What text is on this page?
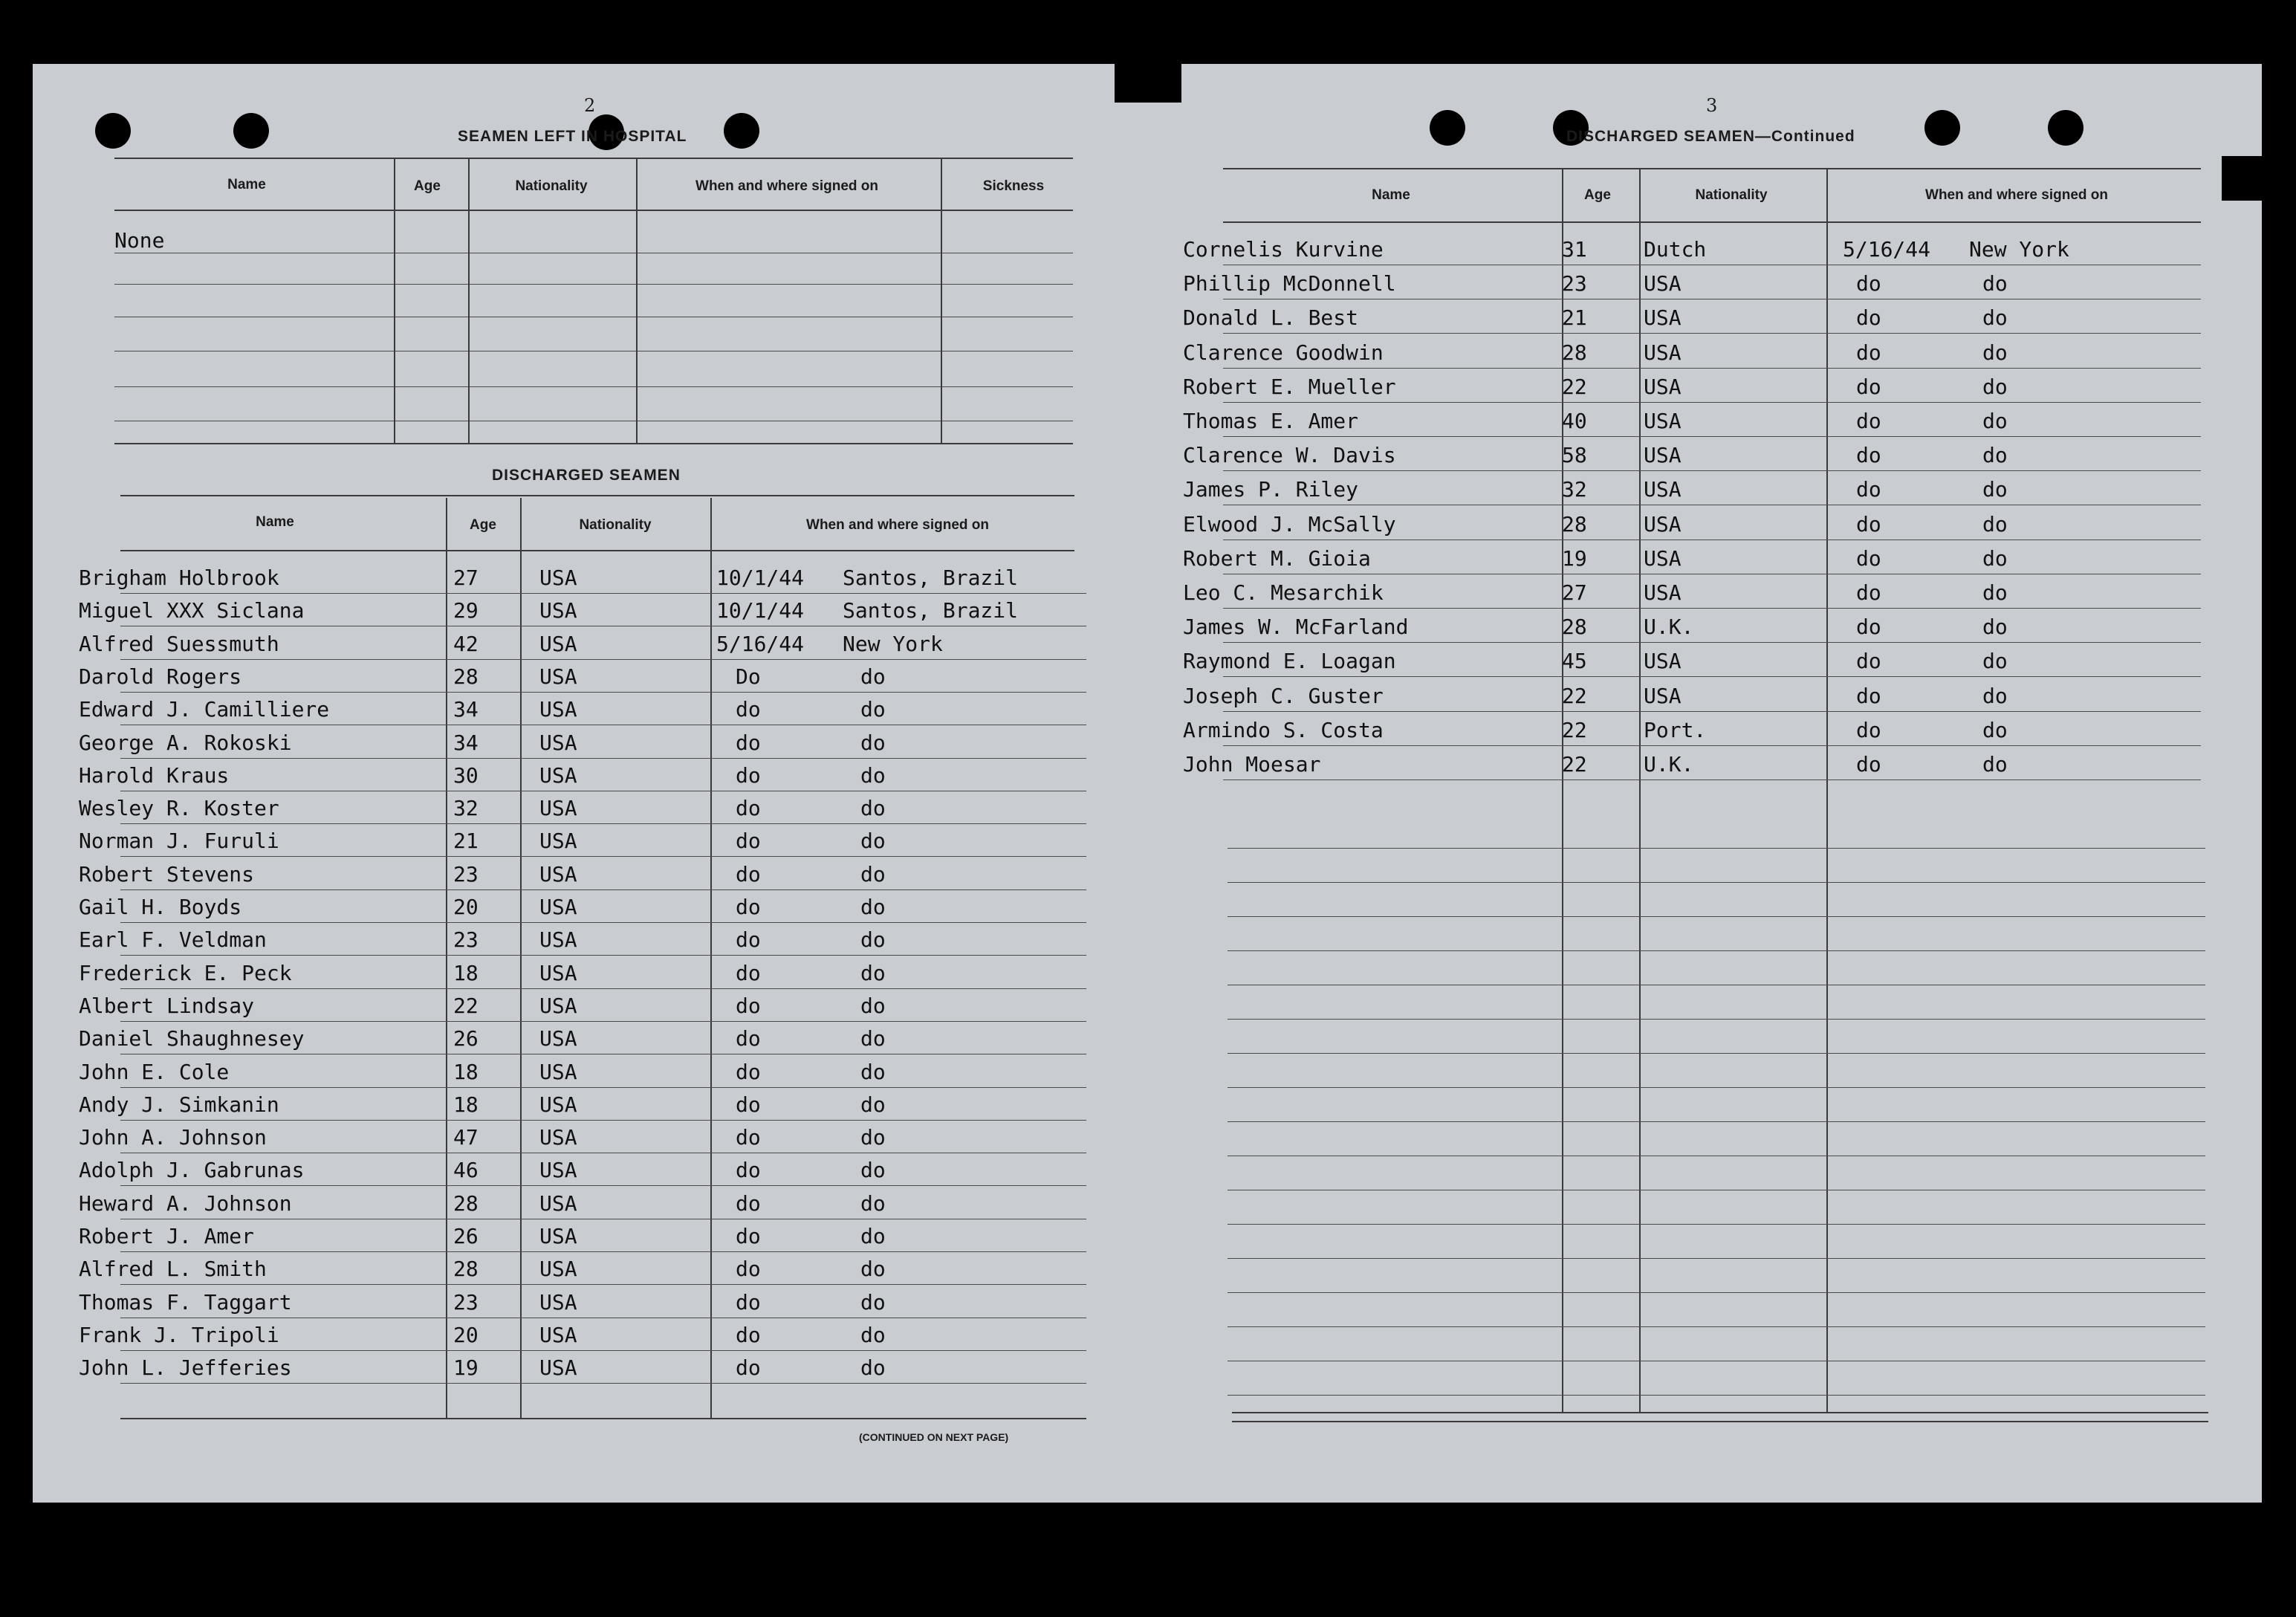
2
SEAMEN LEFT IN HOSPITAL
Name	Age	Nationality	When and where signed on	Sickness
None
DISCHARGED SEAMEN
Name	Age	Nationality	When and where signed on
Brigham Holbrook	27	USA	10/1/44 Santos, Brazil
Miguel XXX Siclana	29	USA	10/1/44 Santos, Brazil
Alfred Suessmuth	42	USA	5/16/44 New York
Darold Rogers	28	USA	Do	do
Edward J. Camilliere	34	USA	do	do
George A. Rokoski	34	USA	do	do
Harold Kraus	30	USA	do	do
Wesley R. Koster	32	USA	do	do
Norman J. Furuli	21	USA	do	do
Robert Stevens	23	USA	do	do
Gail H. Boyds	20	USA	do	do
Earl F. Veldman	23	USA	do	do
Frederick E. Peck	18	USA	do	do
Albert Lindsay	22	USA	do	do
Daniel Shaughnesey	26	USA	do	do
John E. Cole	18	USA	do	do
Andy J. Simkanin	18	USA	do	do
John A. Johnson	47	USA	do	do
Adolph J. Gabrunas	46	USA	do	do
Heward A. Johnson	28	USA	do	do
Robert J. Amer	26	USA	do	do
Alfred L. Smith	28	USA	do	do
Thomas F. Taggart	23	USA	do	do
Frank J. Tripoli	20	USA	do	do
John L. Jefferies	19	USA	do	do
(CONTINUED ON NEXT PAGE)
3
DISCHARGED SEAMEN—Continued
Name	Age	Nationality	When and where signed on
Cornelis Kurvine	31	Dutch	5/16/44 New York
Phillip McDonnell	23	USA	do	do
Donald L. Best	21	USA	do	do
Clarence Goodwin	28	USA	do	do
Robert E. Mueller	22	USA	do	do
Thomas E. Amer	40	USA	do	do
Clarence W. Davis	58	USA	do	do
James P. Riley	32	USA	do	do
Elwood J. McSally	28	USA	do	do
Robert M. Gioia	19	USA	do	do
Leo C. Mesarchik	27	USA	do	do
James W. McFarland	28	U.K.	do	do
Raymond E. Loagan	45	USA	do	do
Joseph C. Guster	22	USA	do	do
Armindo S. Costa	22	Port.	do	do
John Moesar	22	U.K.	do	do
